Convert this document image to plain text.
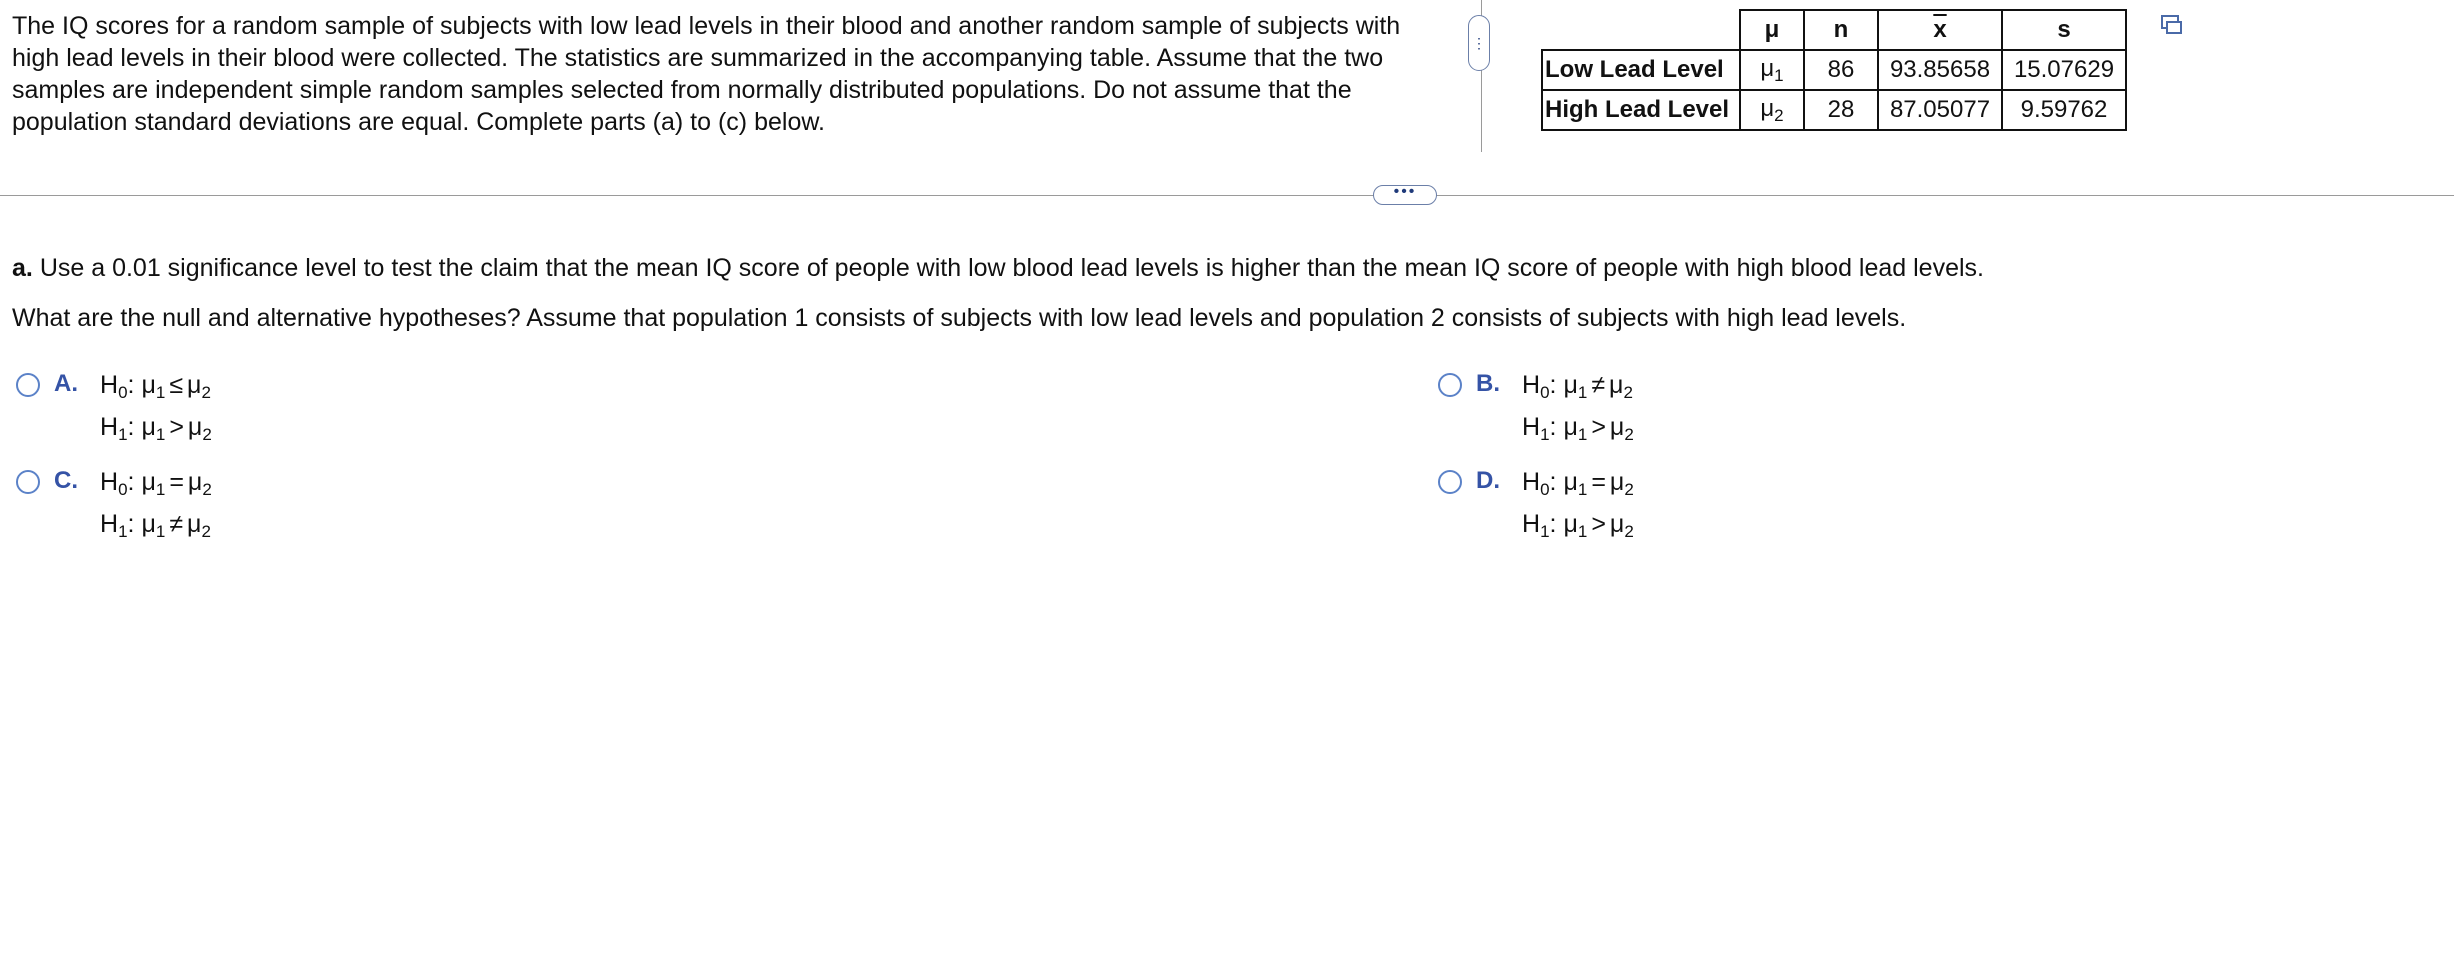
The IQ scores for a random sample of subjects with low lead levels in their blood and another random sample of subjects with high lead levels in their blood were collected. The statistics are summarized in the accompanying table. Assume that the two samples are independent simple random samples selected from normally distributed populations. Do not assume that the population standard deviations are equal. Complete parts (a) to (c) below.

⋮
		μ	n	$\overline{x}$	s
Low Lead Level	$\mu_1$	86	93.85658	15.07629
High Lead Level	$\mu_2$	28	87.05077	9.59762
•••

a. Use a 0.01 significance level to test the claim that the mean IQ score of people with low blood lead levels is higher than the mean IQ score of people with high blood lead levels.

What are the null and alternative hypotheses? Assume that population 1 consists of subjects with low lead levels and population 2 consists of subjects with high lead levels.

A. $H_0$: $\mu_1 \le \mu_2$
$H_1$: $\mu_1 > \mu_2$
B. $H_0$: $\mu_1 \ne \mu_2$
$H_1$: $\mu_1 > \mu_2$
C. $H_0$: $\mu_1 = \mu_2$
$H_1$: $\mu_1 \ne \mu_2$
D. $H_0$: $\mu_1 = \mu_2$
$H_1$: $\mu_1 > \mu_2$
